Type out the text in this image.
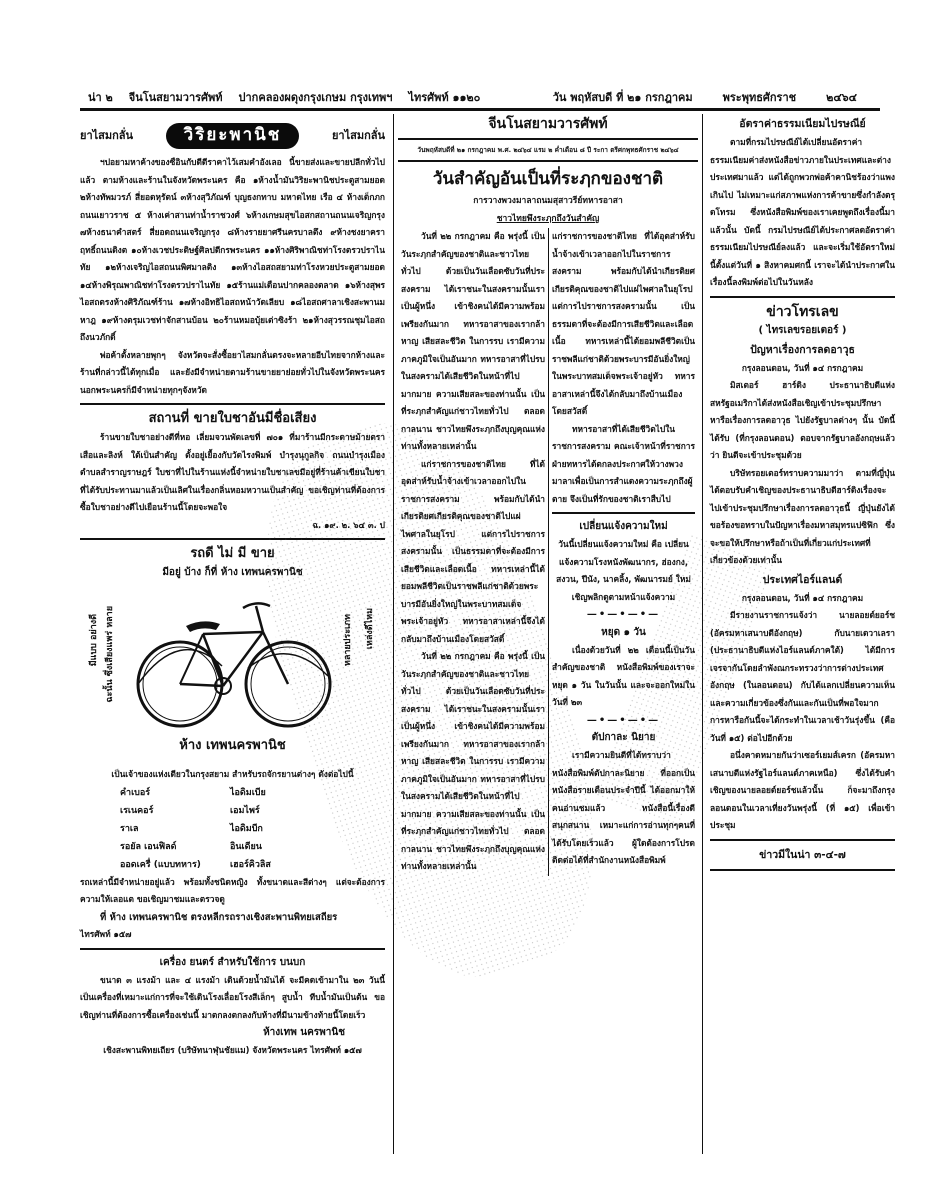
น่า ๒ จีนโนสยามวารศัพท์ ปากคลองผดุงกรุงเกษม กรุงเทพฯ ไทรศัพท์ ๑๑๒๐	วัน พฤหัสบดี ที่ ๒๑ กรกฎาคม	พระพุทธศักราช	๒๔๖๔
ยาไสมกลั่น	วิริยะพานิช	ยาไสมกลั่น

ฯปอยามหาค้างของซือินกับดีดีราคาไว้เสมคำอังเลอ นี้ขายส่งและขายปลีกทั่วไปแล้ว ตามห้างและร้านในจังหวัดพระนคร คือ ๑ห้างน้ำมันวิริยะพานิชประตูสามยอด ๒ห้างทัพมวรภ์ สี่ยอดหุรัตน์ ๓ห้างสุวิภัณฑ์ บุญธงกทาบ มหาดไทย เรือ ๔ ห้างเด็กภกถนนเยาวราช ๕ ห้างเค่าสานท่าน้ำราชวงศ์ ๖ห้างเกษมสุขไอสกสถานถนนเจริญกรุง ๗ห้างธนาคำสตร์ สี่ยอดถนนเจริญกรุง ๘ห้างรายยาศรีนครบาลตึง ๙ห้างชงยาคราฤทธิ์ถนนดิงต ๑๐ห้างเวชประดิษฐ์ศิลปดีกรพระนคร ๑๑ห้างศิริพาณิชท่าโรงตรวปราไนทัย ๑๒ห้างเจริญไอสถนนพิศมาลติง ๑๓ห้างไอสถสยามท่าโรงหวยประตูสามยอด ๑๔ห้างพิรุณพาณิชท่าโรงตรวปราไนทัย ๑๕ร้านแม่เดือนปากคลองตลาด ๑๖ห้างสุพรไอสถตรงห้างศิริภัณฑ์ร้าน ๑๗ห้างอิทธิไอสถหน้าวัดเลียบ ๑๘ไอสถศาลาเชิงสะพานมหาฎ ๑๙ห้างตรุมเวชท่าจักสานบ้อน ๒๐ร้านหมอบุ้ยเต่าซิงร้า ๒๑ห้างสุวรรณชุมไอสถถึงนวภักดิ์

พ่อค้าตั้งหลายพุกๆ จังหวัดจะสั่งซื้อยาไสมกลั่นตรงจะหลายอีบไทยจากห้างและร้านที่กล่าวนี้ได้ทุกเมื่อ และยังมีจำหน่ายตามร้านขายยาย่อยทั่วไปในจังหวัดพระนคร นอกพระนครก็มีจำหน่ายทุกๆจังหวัด

สถานที่ ขายใบชาอันมีชื่อเสียง

ร้านขายใบชาอย่างดีที่หอ เลี่ยมจวนพัดเลขที่ ๗๐๑ ที่มาร้านมีกระดาษม้ายตราเสือและลิงห์ ใต้เป็นสำคัญ ตั้งอยู่เยื้องกับวัดไรงพิมพ์ บำรุงนุกูลกิจ ถนนบำรุงเมือง ตำบลสำราญราษฎร์ ใบชาที่ไปในร้านแห่งนี้จำหน่ายใบชาเลขมีอยู่ที่ร้านค้าเขียนใบชาที่ได้รับประทานมาแล้วเป็นเลิศในเรื่องกลิ่นหอมหวานเป็นสำคัญ ขอเชิญท่านที่ต้องการซื้อใบชาอย่างดีไปเยือนร้านนี้โดยจะพอใจ

ฉ. ๑๙. ๒. ๖๔ ๓. ป

รถดี ไม่ มี ขาย
มีอยู่ บ้าง ก็ที่ ห้าง เทพนครพานิช
มีแบบ อย่างดี ฉะนั้น ซึ่งเสียงแพร่ หลาย	หลายประเภท	เหล่งดีไหม
ห้าง เทพนครพานิช

เป็นเจ้าของแห่งเดียวในกรุงสยาม สำหรับรถจักรยานต่างๆ ดังต่อไปนี้

คำเบอร์	ไอดิมเบีย
เรเนคอร์	เอมไพร์
ราเล	ไอดิมบีก
รอยัล เอนฟิลด์	อินเดียน
ออดเครื่ (แบบทหาร)	เฮอร์คิวลิส

รถเหล่านี้มีจำหน่ายอยู่แล้ว พร้อมทั้งชนิดหญิง ทั้งขนาดและสีต่างๆ แต่จะต้องการความให้เลอแต ขอเชิญมาชมและตรวจดู

ที่ ห้าง เทพนครพานิช ตรงหลีกรถรางเชิงสะพานพิทยเสถียร

ไทรศัพท์ ๑๕๗

เครื่อง ยนตร์ สำหรับใช้การ บนบก

ขนาด ๓ แรงม้า และ ๔ แรงม้า เดินด้วยน้ำมันได้ จะมีคดเข้ามาใน ๒๓ วันนี้ เป็นเครื่องที่เหมาะแก่การที่จะใช้เดินโรงเลื่อยโรงสีเล็กๆ สูบน้ำ ทีบน้ำมันเป็นต้น ขอเชิญท่านที่ต้องการซื้อเครื่องเช่นนี้ มาตกลงตกลงกับห้างที่มีนามข้างท้ายนี้โดยเร็ว

ห้างเทพ นครพานิช

เชิงสะพานพิทยเถียร (บริษัทนาฬุนชัยแม) จังหวัดพระนคร ไทรศัพท์ ๑๕๗

จีนโนสยามวารศัพท์

วันพฤหัสบดีที่ ๒๑ กรกฎาคม พ.ศ. ๒๔๖๔ แรม ๒ ค่ำเดือน ๘ ปี ระกา ตรีศกพุทธศักราช ๒๔๖๔

วันสำคัญอันเป็นที่ระฦกของชาติ
การวางพวงมาลาถนมสุสาวรีย์ทหารอาสา
ชาวไทยพึงระฦกถึงวันสำคัญ

วันที่ ๒๒ กรกฎาคม คือ พรุ่งนี้ เป็นวันระฦกสำคัญของชาติและชาวไทยทั่วไป ด้วยเป็นวันเลือดซับวันที่ประสงคราม ได้เราชนะในสงครามนั้นเราเป็นผู้หนึ่ง เข้าชิงคนได้มีความพร้อมเพรียงกันมาก ทหารอาสาของเรากล้าหาญ เสียสละชีวิต ในการรบ เรามีความภาคภูมิใจเป็นอันมาก ทหารอาสาที่ไปรบในสงครามได้เสียชีวิตในหน้าที่ไปมากมาย ความเสียสละของท่านนั้น เป็นที่ระฦกสำคัญแก่ชาวไทยทั่วไป ตลอดกาลนาน ชาวไทยพึงระฦกถึงบุญคุณแห่งท่านทั้งหลายเหล่านั้น

แก่ราชการของชาติไทย ที่ได้อุตส่าห์รับน้ำจ้างเข้าเวลาออกไปในราชการสงคราม พร้อมกับได้นำเกียรติยศเกียรติคุณของชาติไปแผ่ไพศาลในยุโรป แต่การไปราชการสงครามนั้น เป็นธรรมดาที่จะต้องมีการเสียชีวิตและเลือดเนื้อ ทหารเหล่านี้ได้ยอมพลีชีวิตเป็นราชพลีแก่ชาติด้วยพระบารมีอันยิ่งใหญ่ในพระบาทสมเด็จพระเจ้าอยู่หัว ทหารอาสาเหล่านี้จึงได้กลับมาถึงบ้านเมืองโดยสวัสดิ์

วันที่ ๒๒ กรกฎาคม คือ พรุ่งนี้ เป็นวันระฦกสำคัญของชาติและชาวไทยทั่วไป ด้วยเป็นวันเลือดซับวันที่ประสงคราม ได้เราชนะในสงครามนั้นเราเป็นผู้หนึ่ง เข้าชิงคนได้มีความพร้อมเพรียงกันมาก ทหารอาสาของเรากล้าหาญ เสียสละชีวิต ในการรบ เรามีความภาคภูมิใจเป็นอันมาก ทหารอาสาที่ไปรบในสงครามได้เสียชีวิตในหน้าที่ไปมากมาย ความเสียสละของท่านนั้น เป็นที่ระฦกสำคัญแก่ชาวไทยทั่วไป ตลอดกาลนาน ชาวไทยพึงระฦกถึงบุญคุณแห่งท่านทั้งหลายเหล่านั้น

แก่ราชการของชาติไทย ที่ได้อุตส่าห์รับน้ำจ้างเข้าเวลาออกไปในราชการสงคราม พร้อมกับได้นำเกียรติยศเกียรติคุณของชาติไปแผ่ไพศาลในยุโรป แต่การไปราชการสงครามนั้น เป็นธรรมดาที่จะต้องมีการเสียชีวิตและเลือดเนื้อ ทหารเหล่านี้ได้ยอมพลีชีวิตเป็นราชพลีแก่ชาติด้วยพระบารมีอันยิ่งใหญ่ในพระบาทสมเด็จพระเจ้าอยู่หัว ทหารอาสาเหล่านี้จึงได้กลับมาถึงบ้านเมืองโดยสวัสดิ์

ทหารอาสาที่ได้เสียชีวิตไปในราชการสงคราม คณะเจ้าหน้าที่ราชการฝ่ายทหารได้ตกลงประกาศให้วางพวงมาลาเพื่อเป็นการสำแดงความระฦกถึงผู้ตาย จึงเป็นที่รักของชาติเราสืบไป

เปลี่ยนแจ้งความใหม่

วันนี้เปลี่ยนแจ้งความใหม่ คือ เปลี่ยนแจ้งความโรงหนังพัฒนากร, ฮ่องกง, สงวน, ปีนัง, นาคลิ้ง, พัฒนารมย์ ใหม่ เชิญพลิกดูตามหน้าแจ้งความ

—•—•—•—
หยุด ๑ วัน

เนื่องด้วยวันที่ ๒๒ เดือนนี้เป็นวันสำคัญของชาติ หนังสือพิมพ์ของเราจะหยุด ๑ วัน ในวันนั้น และจะออกใหม่ในวันที่ ๒๓

—•—•—•—
ตัปกาละ นิยาย

เรามีความยินดีที่ได้ทราบว่า หนังสือพิมพ์ตัปกาละนิยาย ที่ออกเป็นหนังสือรายเดือนประจำปีนี้ ได้ออกมาให้คนอ่านชมแล้ว หนังสือนี้เรื่องดีสนุกสนาน เหมาะแก่การอ่านทุกๆคนที่ได้รับโดยเร็วแล้ว ผู้ใดต้องการโปรดติดต่อได้ที่สำนักงานหนังสือพิมพ์

อัตราค่าธรรมเนียมไปรษณีย์

ตามที่กรมไปรษณีย์ได้เปลี่ยนอัตราค่าธรรมเนียมค่าส่งหนังสือข่าวภายในประเทศและต่างประเทศมาแล้ว แต่ได้ถูกพวกพ่อค้าคานิชร้องว่าแพงเกินไป ไม่เหมาะแก่สภาพแห่งการค้าขายซึ่งกำลังตรุดโทรม ซึ่งหนังสือพิมพ์ของเราเคยพูดถึงเรื่องนี้มาแล้วนั้น บัดนี้ กรมไปรษณีย์ได้ประกาศลดอัตราค่าธรรมเนียมไปรษณีย์ลงแล้ว และจะเริ่มใช้อัตราใหม่นี้ตั้งแต่วันที่ ๑ สิงหาคมศกนี้ เราจะได้นำประกาศในเรื่องนี้ลงพิมพ์ต่อไปในวันหลัง

ข่าวโทรเลข
( ไทรเลขรอยเตอร์ )
ปัญหาเรื่องการลดอาวุธ

กรุงลอนดอน, วันที่ ๑๔ กรกฎาคม

มิสเตอร์ ฮาร์ดิง ประธานาธิบดีแห่งสหรัฐอเมริกาได้ส่งหนังสือเชิญเข้าประชุมปรึกษาหารือเรื่องการลดอาวุธ ไปยังรัฐบาลต่างๆ นั้น บัดนี้ได้รับ (ที่กรุงลอนดอน) ตอบจากรัฐบาลอังกฤษแล้วว่า ยินดีจะเข้าประชุมด้วย

บริษัทรอยเตอร์ทราบความมาว่า ตามที่ญี่ปุ่นได้ตอบรับคำเชิญของประธานาธิบดีฮาร์ดิงเรื่องจะไปเข้าประชุมปรึกษาเรื่องการลดอาวุธนี้ ญี่ปุ่นยังได้ขอร้องขอทราบในปัญหาเรื่องมหาสมุทรแปซิฟิก ซึ่งจะขอให้ปรึกษาหรือถ้าเป็นที่เกี่ยวแก่ประเทศที่เกี่ยวข้องด้วยเท่านั้น

ประเทศไอร์แลนด์

กรุงลอนดอน, วันที่ ๑๔ กรกฎาคม

มีรายงานราชการแจ้งว่า นายลอยด์ยอร์ช (อัครมหาเสนาบดีอังกฤษ) กับนายเดวาเลรา (ประธานาธิบดีแห่งไอร์แลนด์ภาคใต้) ได้มีการเจรจากันโดยลำพังณกระทรวงว่าการต่างประเทศอังกฤษ (ในลอนดอน) กับได้แลกเปลี่ยนความเห็นและความเกี่ยวข้องซึ่งกันและกันเป็นที่พอใจมาก การหารือกันนี้จะได้กระทำในเวลาเช้าวันรุ่งขึ้น (คือวันที่ ๑๕) ต่อไปอีกด้วย

อนึ่งคาดหมายกันว่าเซอร์เยมส์เครก (อัครมหาเสนาบดีแห่งรัฐไอร์แลนด์ภาคเหนือ) ซึ่งได้รับคำเชิญของนายลอยด์ยอร์ชแล้วนั้น ก็จะมาถึงกรุงลอนดอนในเวลาเที่ยงวันพรุ่งนี้ (ที่ ๑๕) เพื่อเข้าประชุม

ข่าวมีในน่า ๓-๔-๗
